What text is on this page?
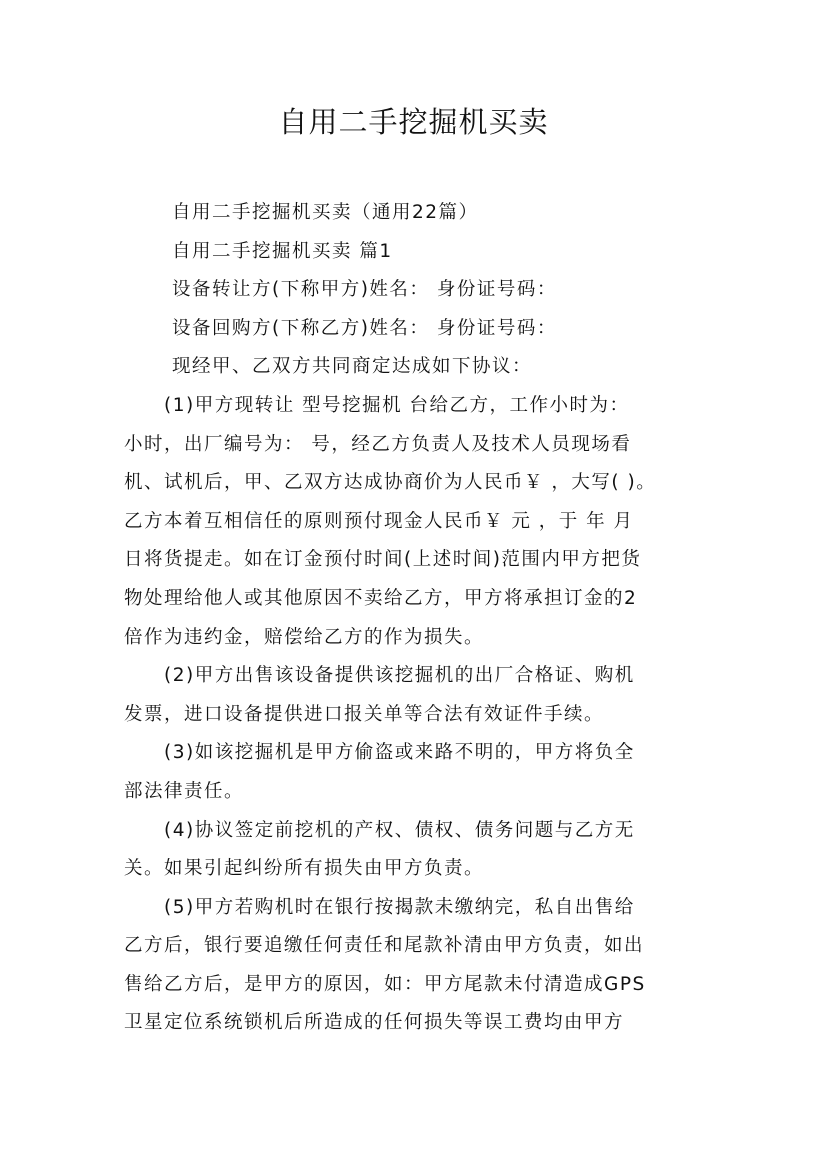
自用二手挖掘机买卖
自用二手挖掘机买卖（通用22篇）
自用二手挖掘机买卖 篇1
设备转让方(下称甲方)姓名： 身份证号码：
设备回购方(下称乙方)姓名： 身份证号码：
现经甲、乙双方共同商定达成如下协议：
(1)甲方现转让 型号挖掘机 台给乙方，工作小时为：
小时，出厂编号为： 号，经乙方负责人及技术人员现场看
机、试机后，甲、乙双方达成协商价为人民币￥ ，大写( )。
乙方本着互相信任的原则预付现金人民币￥ 元 ，于 年 月
日将货提走。如在订金预付时间(上述时间)范围内甲方把货
物处理给他人或其他原因不卖给乙方，甲方将承担订金的2
倍作为违约金，赔偿给乙方的作为损失。
(2)甲方出售该设备提供该挖掘机的出厂合格证、购机
发票，进口设备提供进口报关单等合法有效证件手续。
(3)如该挖掘机是甲方偷盗或来路不明的，甲方将负全
部法律责任。
(4)协议签定前挖机的产权、债权、债务问题与乙方无
关。如果引起纠纷所有损失由甲方负责。
(5)甲方若购机时在银行按揭款未缴纳完，私自出售给
乙方后，银行要追缴任何责任和尾款补清由甲方负责，如出
售给乙方后，是甲方的原因，如：甲方尾款未付清造成GPS
卫星定位系统锁机后所造成的任何损失等误工费均由甲方
